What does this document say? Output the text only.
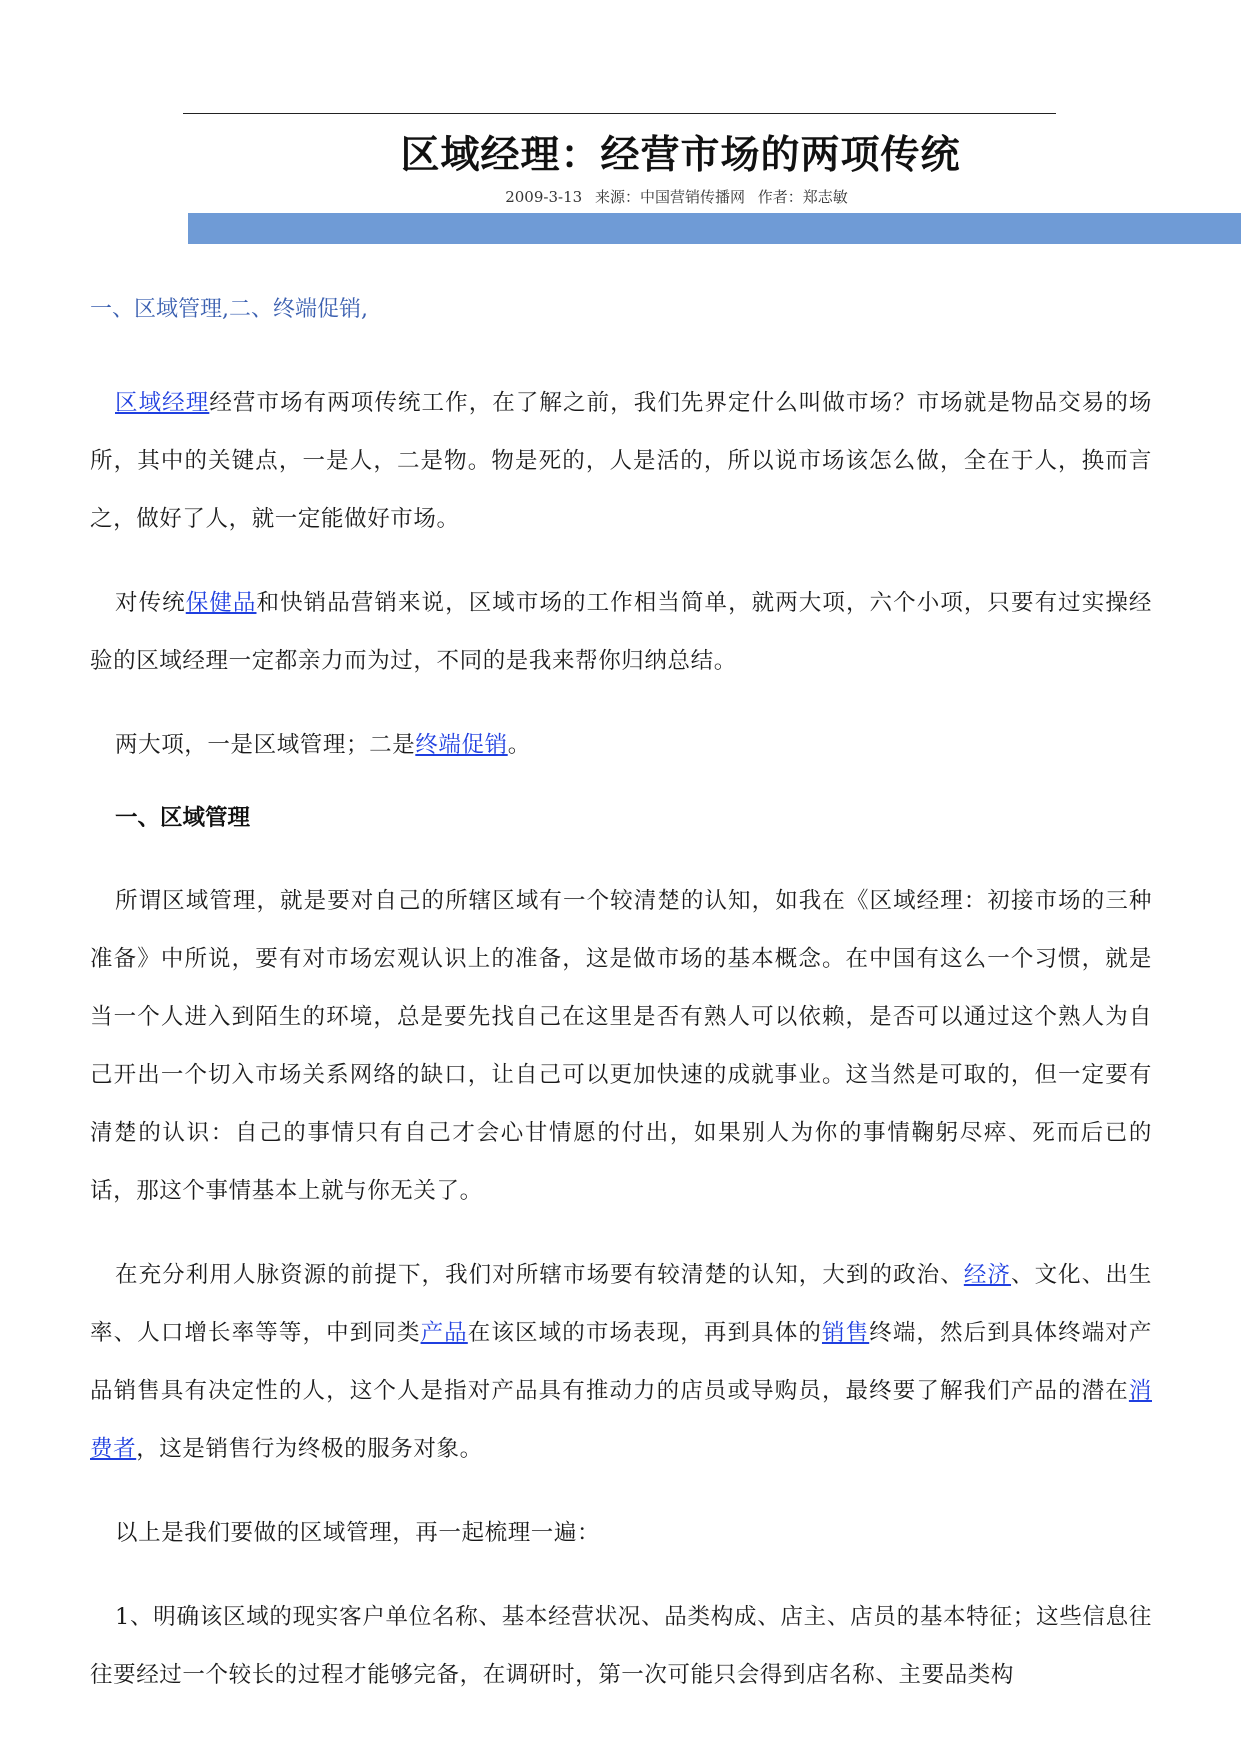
区域经理：经营市场的两项传统
2009-3-13 来源：中国营销传播网 作者：郑志敏
一、区域管理,二、终端促销,

区域经理经营市场有两项传统工作，在了解之前，我们先界定什么叫做市场？市场就是物品交易的场所，其中的关键点，一是人，二是物。物是死的，人是活的，所以说市场该怎么做，全在于人，换而言之，做好了人，就一定能做好市场。

对传统保健品和快销品营销来说，区域市场的工作相当简单，就两大项，六个小项，只要有过实操经验的区域经理一定都亲力而为过，不同的是我来帮你归纳总结。

两大项，一是区域管理；二是终端促销。

一、区域管理

所谓区域管理，就是要对自己的所辖区域有一个较清楚的认知，如我在《区域经理：初接市场的三种准备》中所说，要有对市场宏观认识上的准备，这是做市场的基本概念。在中国有这么一个习惯，就是当一个人进入到陌生的环境，总是要先找自己在这里是否有熟人可以依赖，是否可以通过这个熟人为自己开出一个切入市场关系网络的缺口，让自己可以更加快速的成就事业。这当然是可取的，但一定要有清楚的认识：自己的事情只有自己才会心甘情愿的付出，如果别人为你的事情鞠躬尽瘁、死而后已的话，那这个事情基本上就与你无关了。

在充分利用人脉资源的前提下，我们对所辖市场要有较清楚的认知，大到的政治、经济、文化、出生率、人口增长率等等，中到同类产品在该区域的市场表现，再到具体的销售终端，然后到具体终端对产品销售具有决定性的人，这个人是指对产品具有推动力的店员或导购员，最终要了解我们产品的潜在消费者，这是销售行为终极的服务对象。

以上是我们要做的区域管理，再一起梳理一遍：

1、明确该区域的现实客户单位名称、基本经营状况、品类构成、店主、店员的基本特征；这些信息往往要经过一个较长的过程才能够完备，在调研时，第一次可能只会得到店名称、主要品类构
